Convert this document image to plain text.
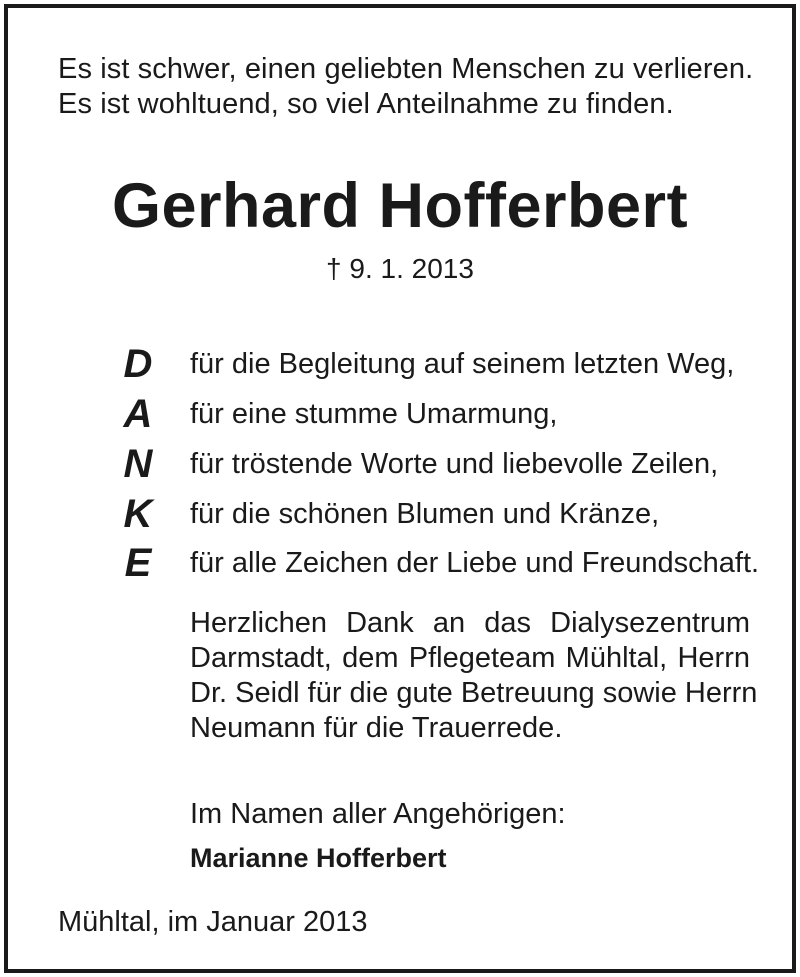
Es ist schwer, einen geliebten Menschen zu verlieren.
Es ist wohltuend, so viel Anteilnahme zu finden.
Gerhard Hofferbert
† 9. 1. 2013
D	für die Begleitung auf seinem letzten Weg,
A	für eine stumme Umarmung,
N	für tröstende Worte und liebevolle Zeilen,
K	für die schönen Blumen und Kränze,
E	für alle Zeichen der Liebe und Freundschaft.
Herzlichen Dank an das Dialysezentrum
Darmstadt, dem Pflegeteam Mühltal, Herrn
Dr. Seidl für die gute Betreuung sowie Herrn
Neumann für die Trauerrede.
Im Namen aller Angehörigen:
Marianne Hofferbert
Mühltal, im Januar 2013
